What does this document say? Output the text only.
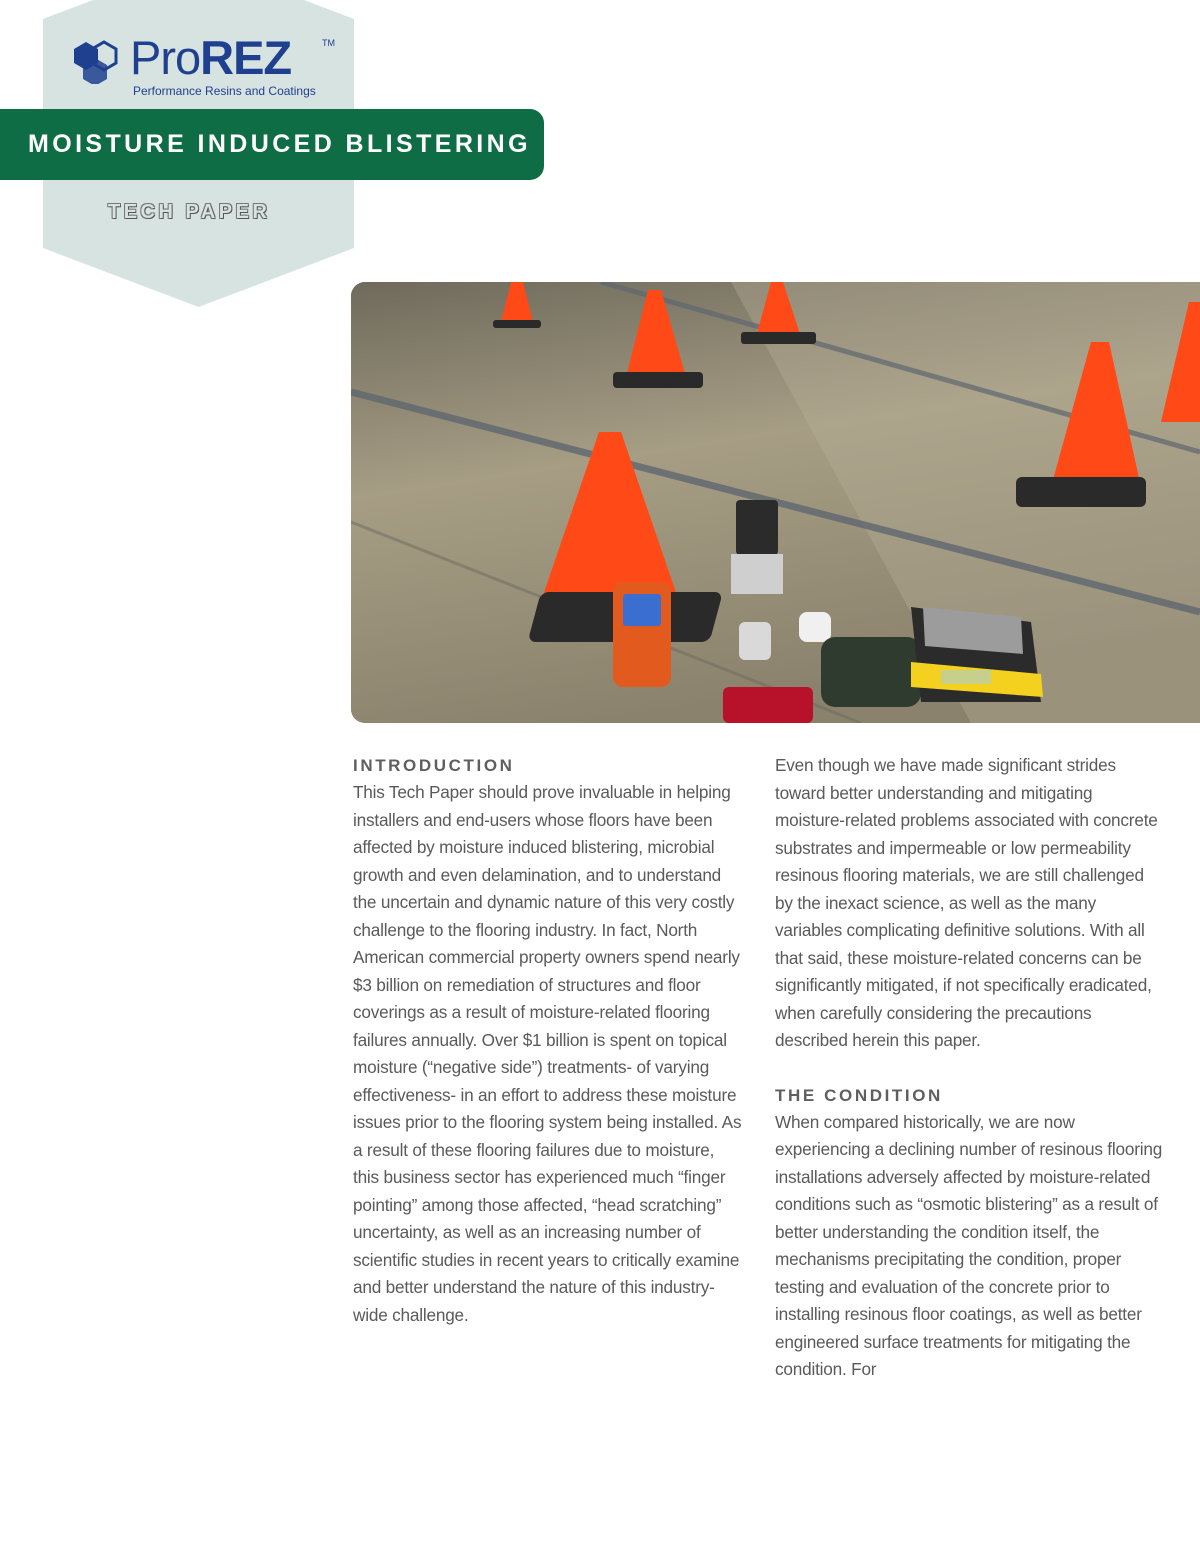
ProREZ	TM
Performance Resins and Coatings
MOISTURE INDUCED BLISTERING
TECH PAPER
INTRODUCTION

This Tech Paper should prove invaluable in helping installers and end-users whose floors have been affected by moisture induced blistering, microbial growth and even delamination, and to understand the uncertain and dynamic nature of this very costly challenge to the flooring industry. In fact, North American commercial property owners spend nearly $3 billion on remediation of structures and floor coverings as a result of moisture-related flooring failures annually. Over $1 billion is spent on topical moisture (“negative side”) treatments- of varying effectiveness- in an effort to address these moisture issues prior to the flooring system being installed. As a result of these flooring failures due to moisture, this business sector has experienced much “finger pointing” among those affected, “head scratching” uncertainty, as well as an increasing number of scientific studies in recent years to critically examine and better understand the nature of this industry-wide challenge.

Even though we have made significant strides toward better understanding and mitigating moisture-related problems associated with concrete substrates and impermeable or low permeability resinous flooring materials, we are still challenged by the inexact science, as well as the many variables complicating definitive solutions. With all that said, these moisture-related concerns can be significantly mitigated, if not specifically eradicated, when carefully considering the precautions described herein this paper.

THE CONDITION

When compared historically, we are now experiencing a declining number of resinous flooring installations adversely affected by moisture-related conditions such as “osmotic blistering” as a result of better understanding the condition itself, the mechanisms precipitating the condition, proper testing and evaluation of the concrete prior to installing resinous floor coatings, as well as better engineered surface treatments for mitigating the condition. For
